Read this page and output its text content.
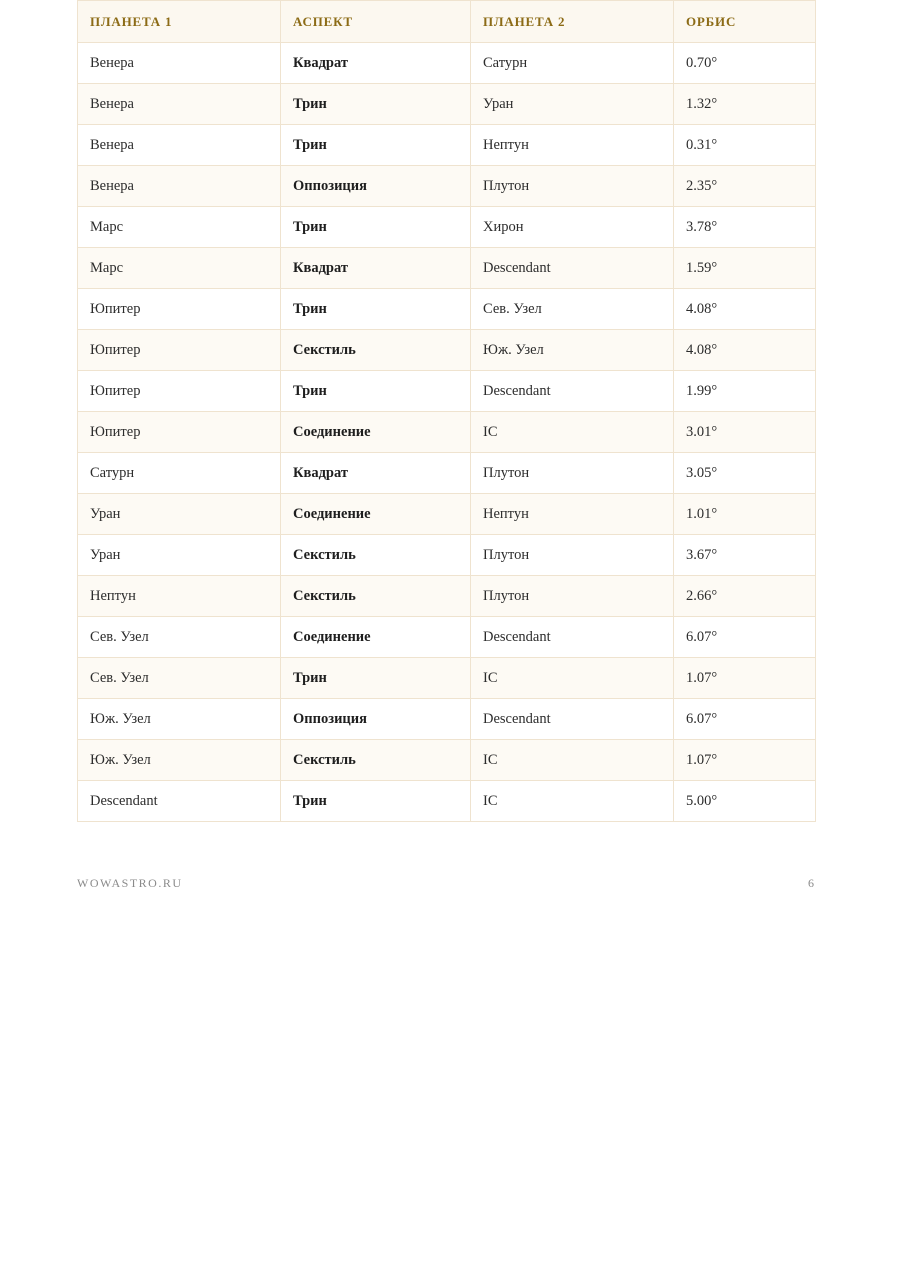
ПЛАНЕТА 1	АСПЕКТ	ПЛАНЕТА 2	ОРБИС
Венера	Квадрат	Сатурн	0.70°
Венера	Трин	Уран	1.32°
Венера	Трин	Нептун	0.31°
Венера	Оппозиция	Плутон	2.35°
Марс	Трин	Хирон	3.78°
Марс	Квадрат	Descendant	1.59°
Юпитер	Трин	Сев. Узел	4.08°
Юпитер	Секстиль	Юж. Узел	4.08°
Юпитер	Трин	Descendant	1.99°
Юпитер	Соединение	IC	3.01°
Сатурн	Квадрат	Плутон	3.05°
Уран	Соединение	Нептун	1.01°
Уран	Секстиль	Плутон	3.67°
Нептун	Секстиль	Плутон	2.66°
Сев. Узел	Соединение	Descendant	6.07°
Сев. Узел	Трин	IC	1.07°
Юж. Узел	Оппозиция	Descendant	6.07°
Юж. Узел	Секстиль	IC	1.07°
Descendant	Трин	IC	5.00°
WOWASTRO.RU	6
